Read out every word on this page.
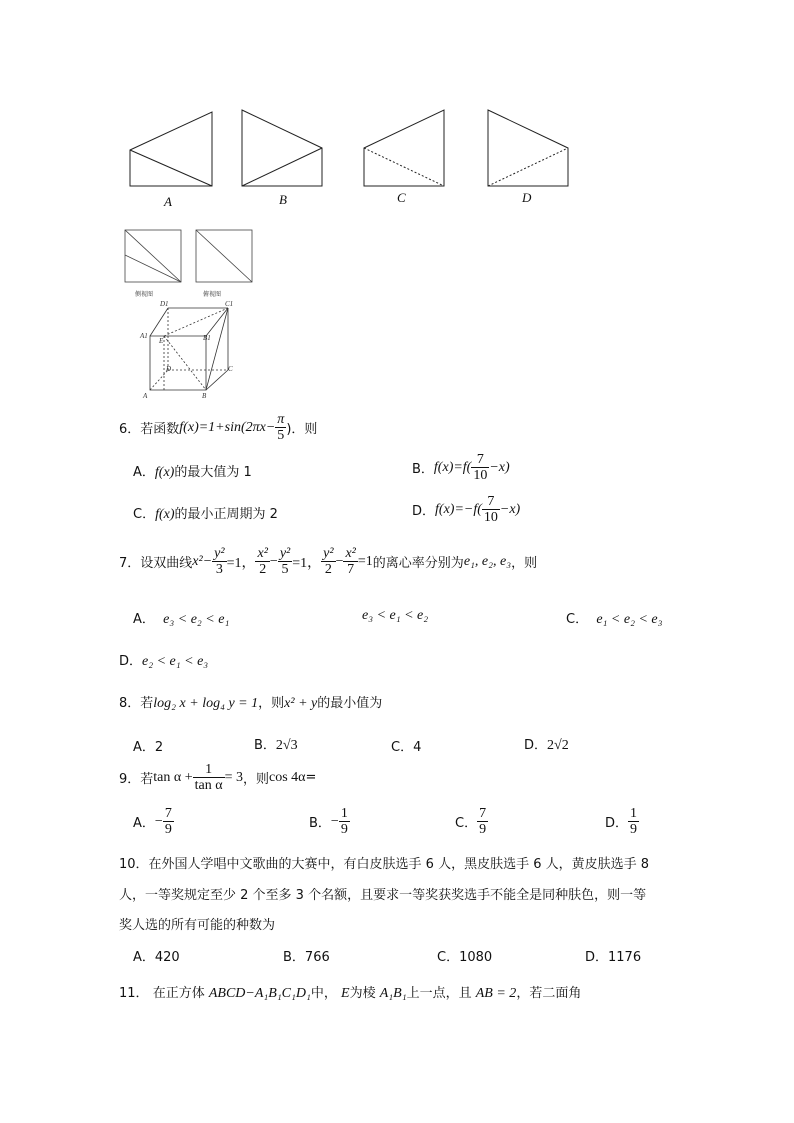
A	B	C	D
侧视图	俯视图
D1	C1
A1
E	B1
D	C
A	B
6． 若函数 $f(x)=1+\sin(2\pi x- \frac{\pi}{5}$ )．则
A．f(x)的最大值为 1	B． $f(x)=f( \frac{7}{10} -x)$
C．f(x)的最小正周期为 2	D． $f(x)=-f( \frac{7}{10} -x)$
7． 设双曲线 $x^2- \frac{\text{y²}}{3} =1$， $\frac{\text{x²}}{2} - \frac{\text{y²}}{5} =1$， $\frac{\text{y²}}{2} - \frac{\text{x²}}{7} =1$ 的离心率分别为 e₁, e₂, e₃ ，则
A． e₃ < e₂ < e₁	e₃ < e₁ < e₂	C． e₁ < e₂ < e₃
D．e₂ < e₁ < e₃
8．若log₂ x + log₄ y = 1，则x² + y的最小值为
A．2	B．2√3	C．4	D．2√2
9． 若 $\tan \alpha + \frac{1}{\text{tan α}} = 3$ ，则 cos 4α =
A． − $\frac{7}{9}$	B． − $\frac{1}{9}$	C． $\frac{7}{9}$	D． $\frac{1}{9}$
10．在外国人学唱中文歌曲的大赛中，有白皮肤选手 6 人，黑皮肤选手 6 人，黄皮肤选手 8
人，一等奖规定至少 2 个至多 3 个名额，且要求一等奖获奖选手不能全是同种肤色，则一等
奖人选的所有可能的种数为
A．420	B．766	C．1080	D．1176
11． 在正方体 ABCD−A₁B₁C₁D₁中， E为棱 A₁B₁上一点，且 AB = 2，若二面角
